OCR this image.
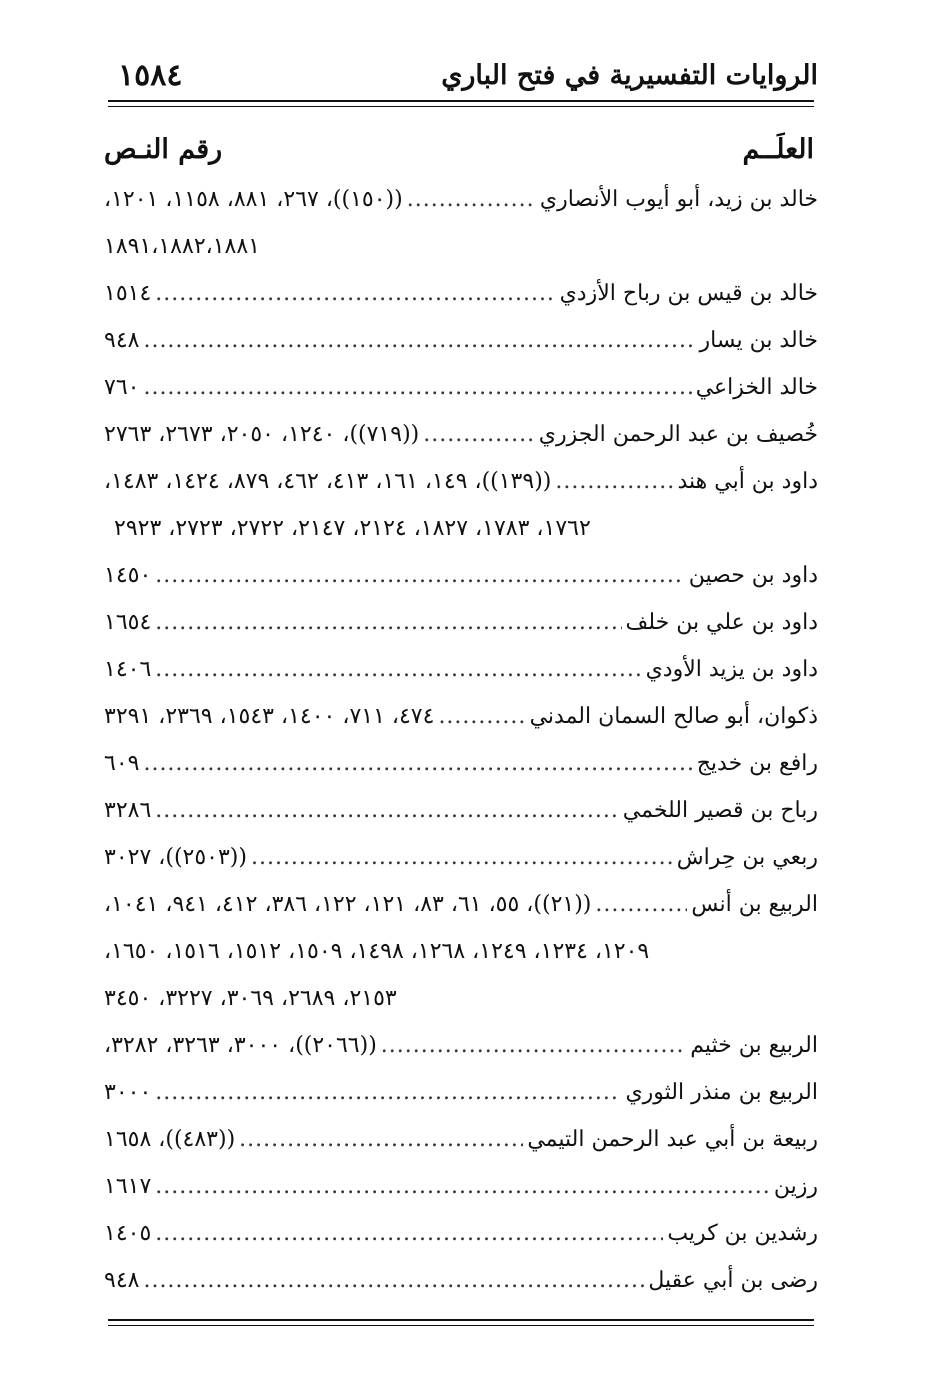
١٥٨٤	الروايات التفسيرية في فتح الباري
العلَــم
رقم النـص
خالد بن زيد، أبو أيوب الأنصاري
.....
((١٥٠))، ٢٦٧، ٨٨١، ١١٥٨، ١٢٠١،
١٨٩١،١٨٨٢،١٨٨١
خالد بن قيس بن رباح الأزدي
.....
١٥١٤
خالد بن يسار
.....
٩٤٨
خالد الخزاعي
.....
٧٦٠
خُصيف بن عبد الرحمن الجزري
.....
((٧١٩))، ١٢٤٠، ٢٠٥٠، ٢٦٧٣، ٢٧٦٣
داود بن أبي هند
.....
((١٣٩))، ١٤٩، ١٦١، ٤١٣، ٤٦٢، ٨٧٩، ١٤٢٤، ١٤٨٣،
١٧٦٢، ١٧٨٣، ١٨٢٧، ٢١٢٤، ٢١٤٧، ٢٧٢٢، ٢٧٢٣، ٢٩٢٣
داود بن حصين
.....
١٤٥٠
داود بن علي بن خلف
.....
١٦٥٤
داود بن يزيد الأودي
.....
١٤٠٦
ذكوان، أبو صالح السمان المدني
.....
٤٧٤، ٧١١، ١٤٠٠، ١٥٤٣، ٢٣٦٩، ٣٢٩١
رافع بن خديج
.....
٦٠٩
رباح بن قصير اللخمي
.....
٣٢٨٦
ربعي بن حِراش
.....
((٢٥٠٣))، ٣٠٢٧
الربيع بن أنس
.....
((٢١))، ٥٥، ٦١، ٨٣، ١٢١، ١٢٢، ٣٨٦، ٤١٢، ٩٤١، ١٠٤١،
١٢٠٩، ١٢٣٤، ١٢٤٩، ١٢٦٨، ١٤٩٨، ١٥٠٩، ١٥١٢، ١٥١٦، ١٦٥٠،
٢١٥٣، ٢٦٨٩، ٣٠٦٩، ٣٢٢٧، ٣٤٥٠
الربيع بن خثيم
.....
((٢٠٦٦))، ٣٠٠٠، ٣٢٦٣، ٣٢٨٢،
الربيع بن منذر الثوري
.....
٣٠٠٠
ربيعة بن أبي عبد الرحمن التيمي
.....
((٤٨٣))، ١٦٥٨
رزين
.....
١٦١٧
رشدين بن كريب
.....
١٤٠٥
رضى بن أبي عقيل
.....
٩٤٨
